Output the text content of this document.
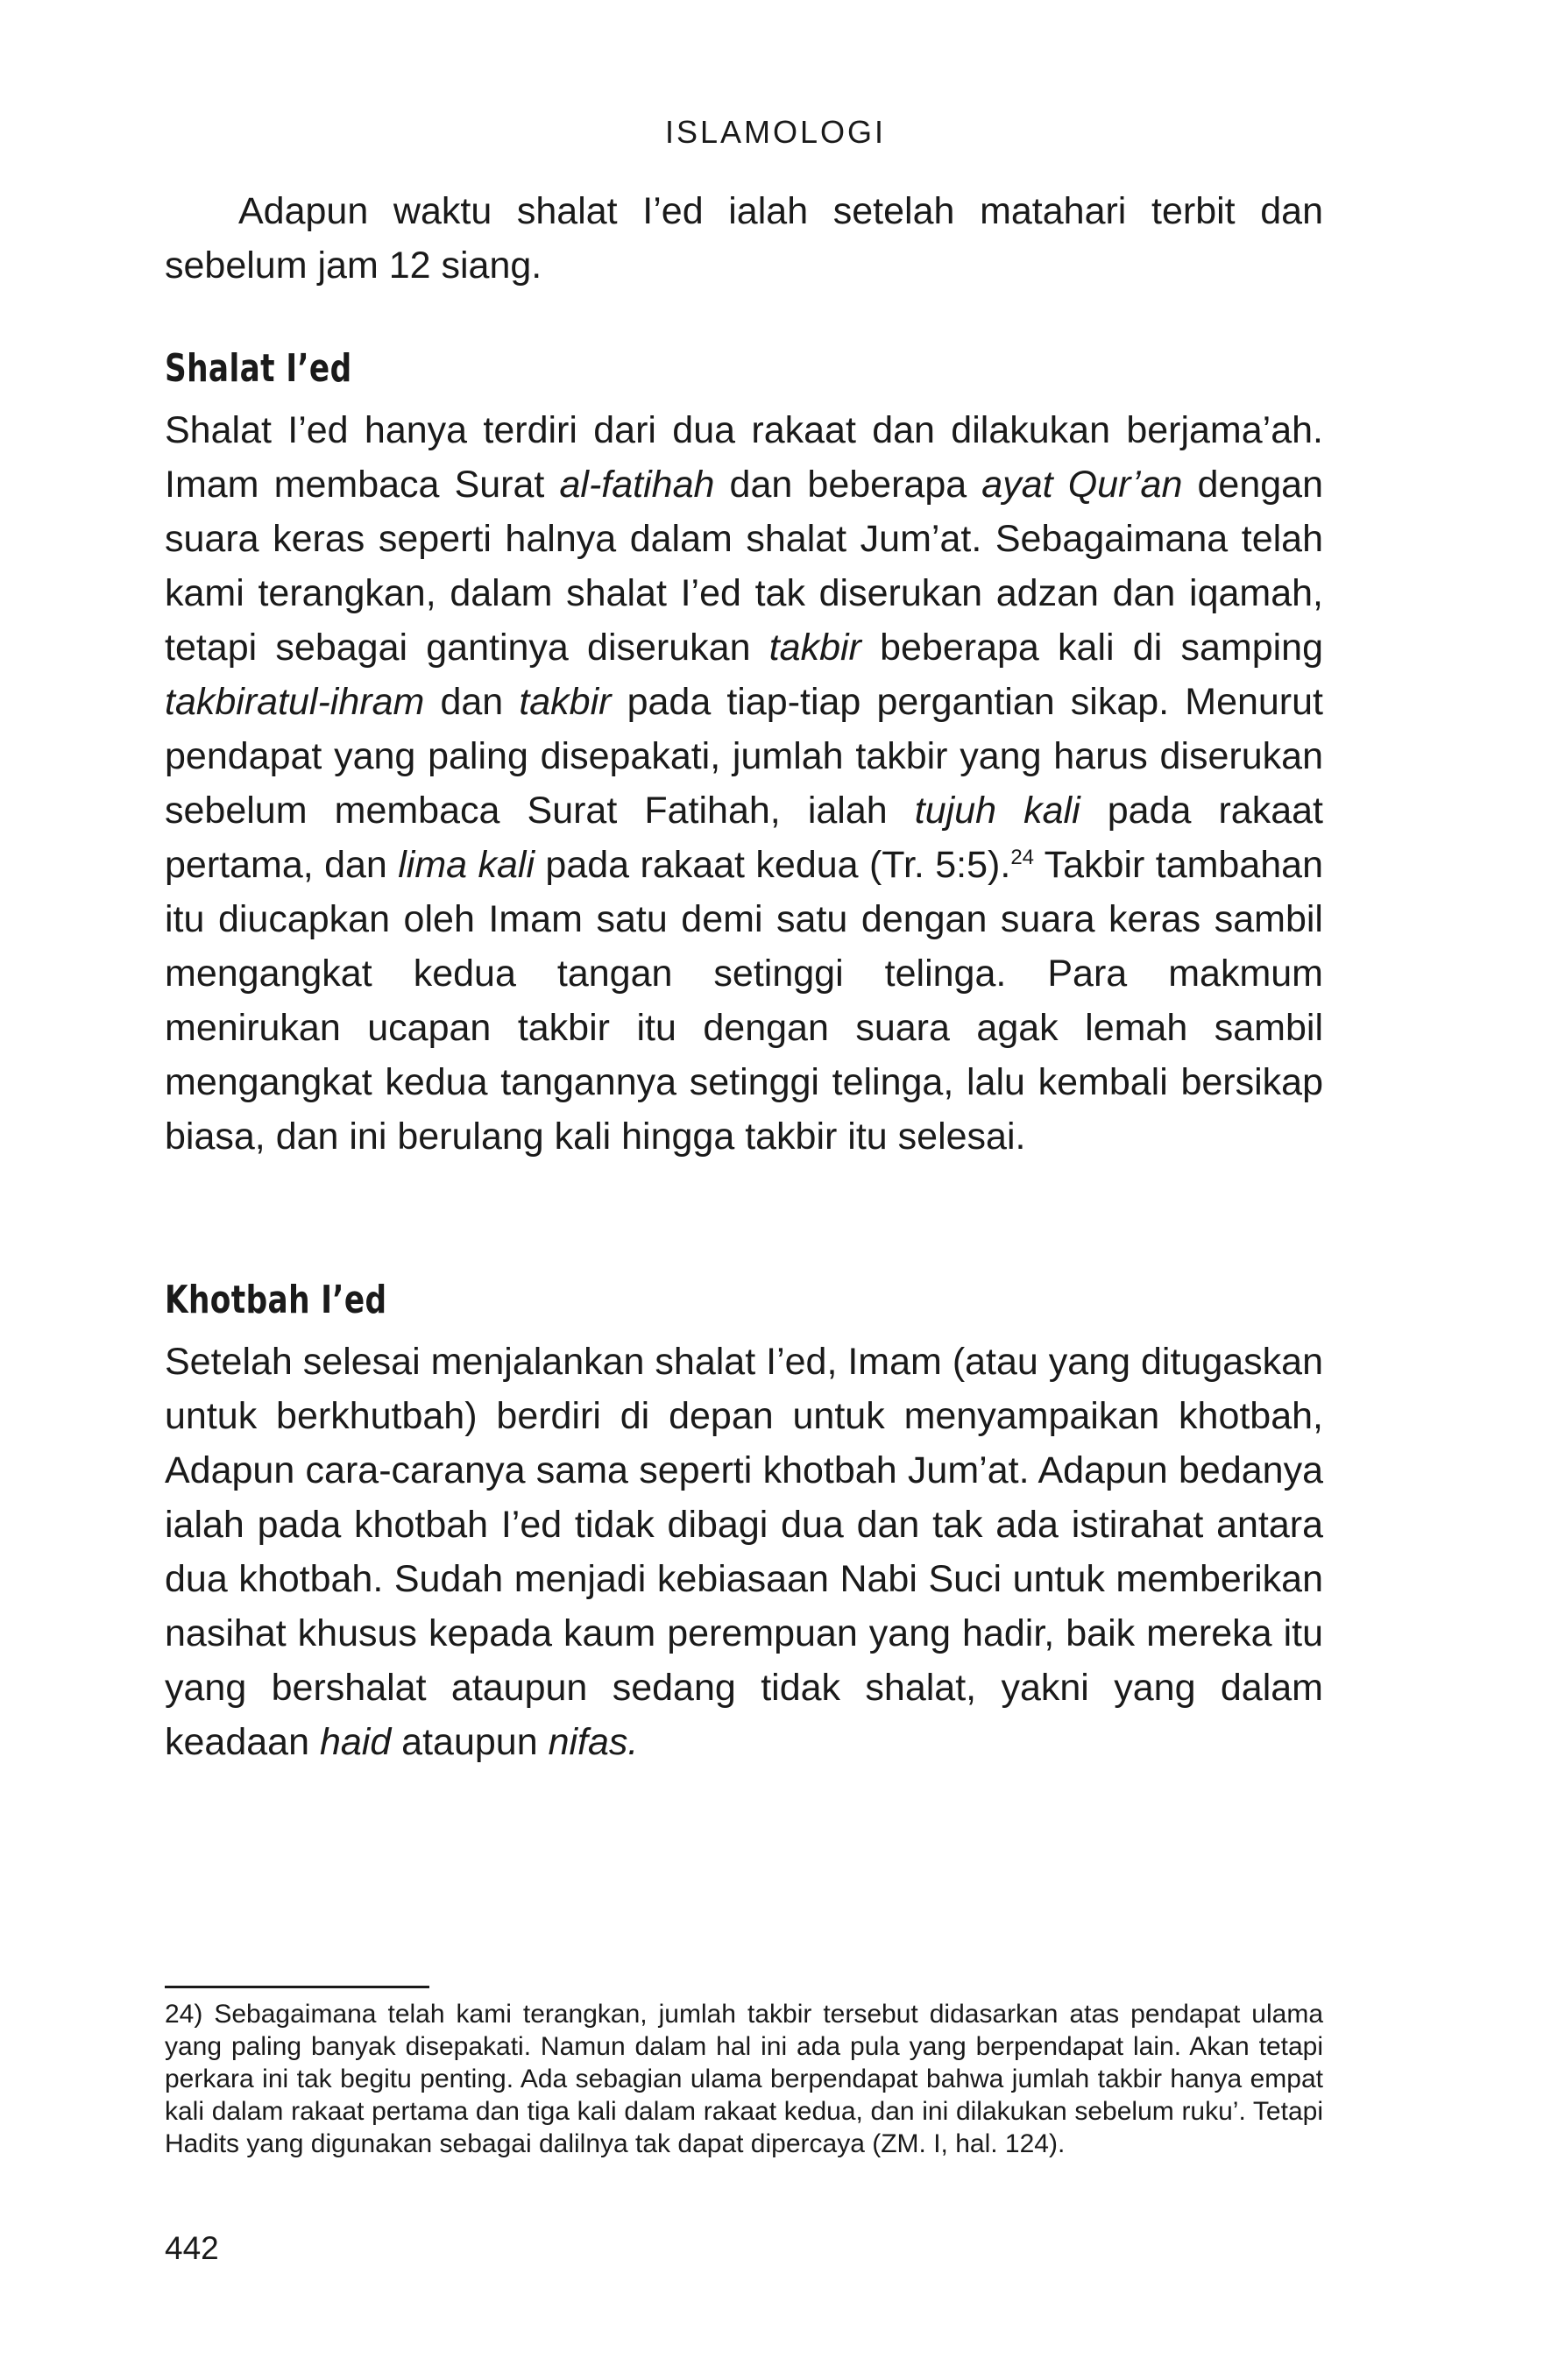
ISLAMOLOGI

Adapun waktu shalat I’ed ialah setelah matahari terbit dan sebelum jam 12 siang.

Shalat I’ed

Shalat I’ed hanya terdiri dari dua rakaat dan dilakukan berjama’ah. Imam membaca Surat al-fatihah dan beberapa ayat Qur’an dengan suara keras seperti halnya dalam shalat Jum’at. Sebagaimana telah kami terangkan, dalam shalat I’ed tak diserukan adzan dan iqamah, tetapi sebagai gantinya diserukan takbir beberapa kali di samping takbiratul-ihram dan takbir pada tiap-tiap pergantian sikap. Menurut pendapat yang paling disepakati, jumlah takbir yang harus diserukan sebelum membaca Surat Fatihah, ialah tujuh kali pada rakaat pertama, dan lima kali pada rakaat kedua (Tr. 5:5).$^{24}$ Takbir tambahan itu diucapkan oleh Imam satu demi satu dengan suara keras sambil mengangkat kedua tangan setinggi telinga. Para makmum menirukan ucapan takbir itu dengan suara agak lemah sambil mengangkat kedua tangannya setinggi telinga, lalu kembali bersikap biasa, dan ini berulang kali hingga takbir itu selesai.

Khotbah I’ed

Setelah selesai menjalankan shalat I’ed, Imam (atau yang ditugaskan untuk berkhutbah) berdiri di depan untuk menyampaikan khotbah, Adapun cara-caranya sama seperti khotbah Jum’at. Adapun bedanya ialah pada khotbah I’ed tidak dibagi dua dan tak ada istirahat antara dua khotbah. Sudah menjadi kebiasaan Nabi Suci untuk memberikan nasihat khusus kepada kaum perempuan yang hadir, baik mereka itu yang bershalat ataupun sedang tidak shalat, yakni yang dalam keadaan haid ataupun nifas.

24) Sebagaimana telah kami terangkan, jumlah takbir tersebut didasarkan atas pendapat ulama yang paling banyak disepakati. Namun dalam hal ini ada pula yang berpendapat lain. Akan tetapi perkara ini tak begitu penting. Ada sebagian ulama berpendapat bahwa jumlah takbir hanya empat kali dalam rakaat pertama dan tiga kali dalam rakaat kedua, dan ini dilakukan sebelum ruku’. Tetapi Hadits yang digunakan sebagai dalilnya tak dapat dipercaya (ZM. I, hal. 124).

442
